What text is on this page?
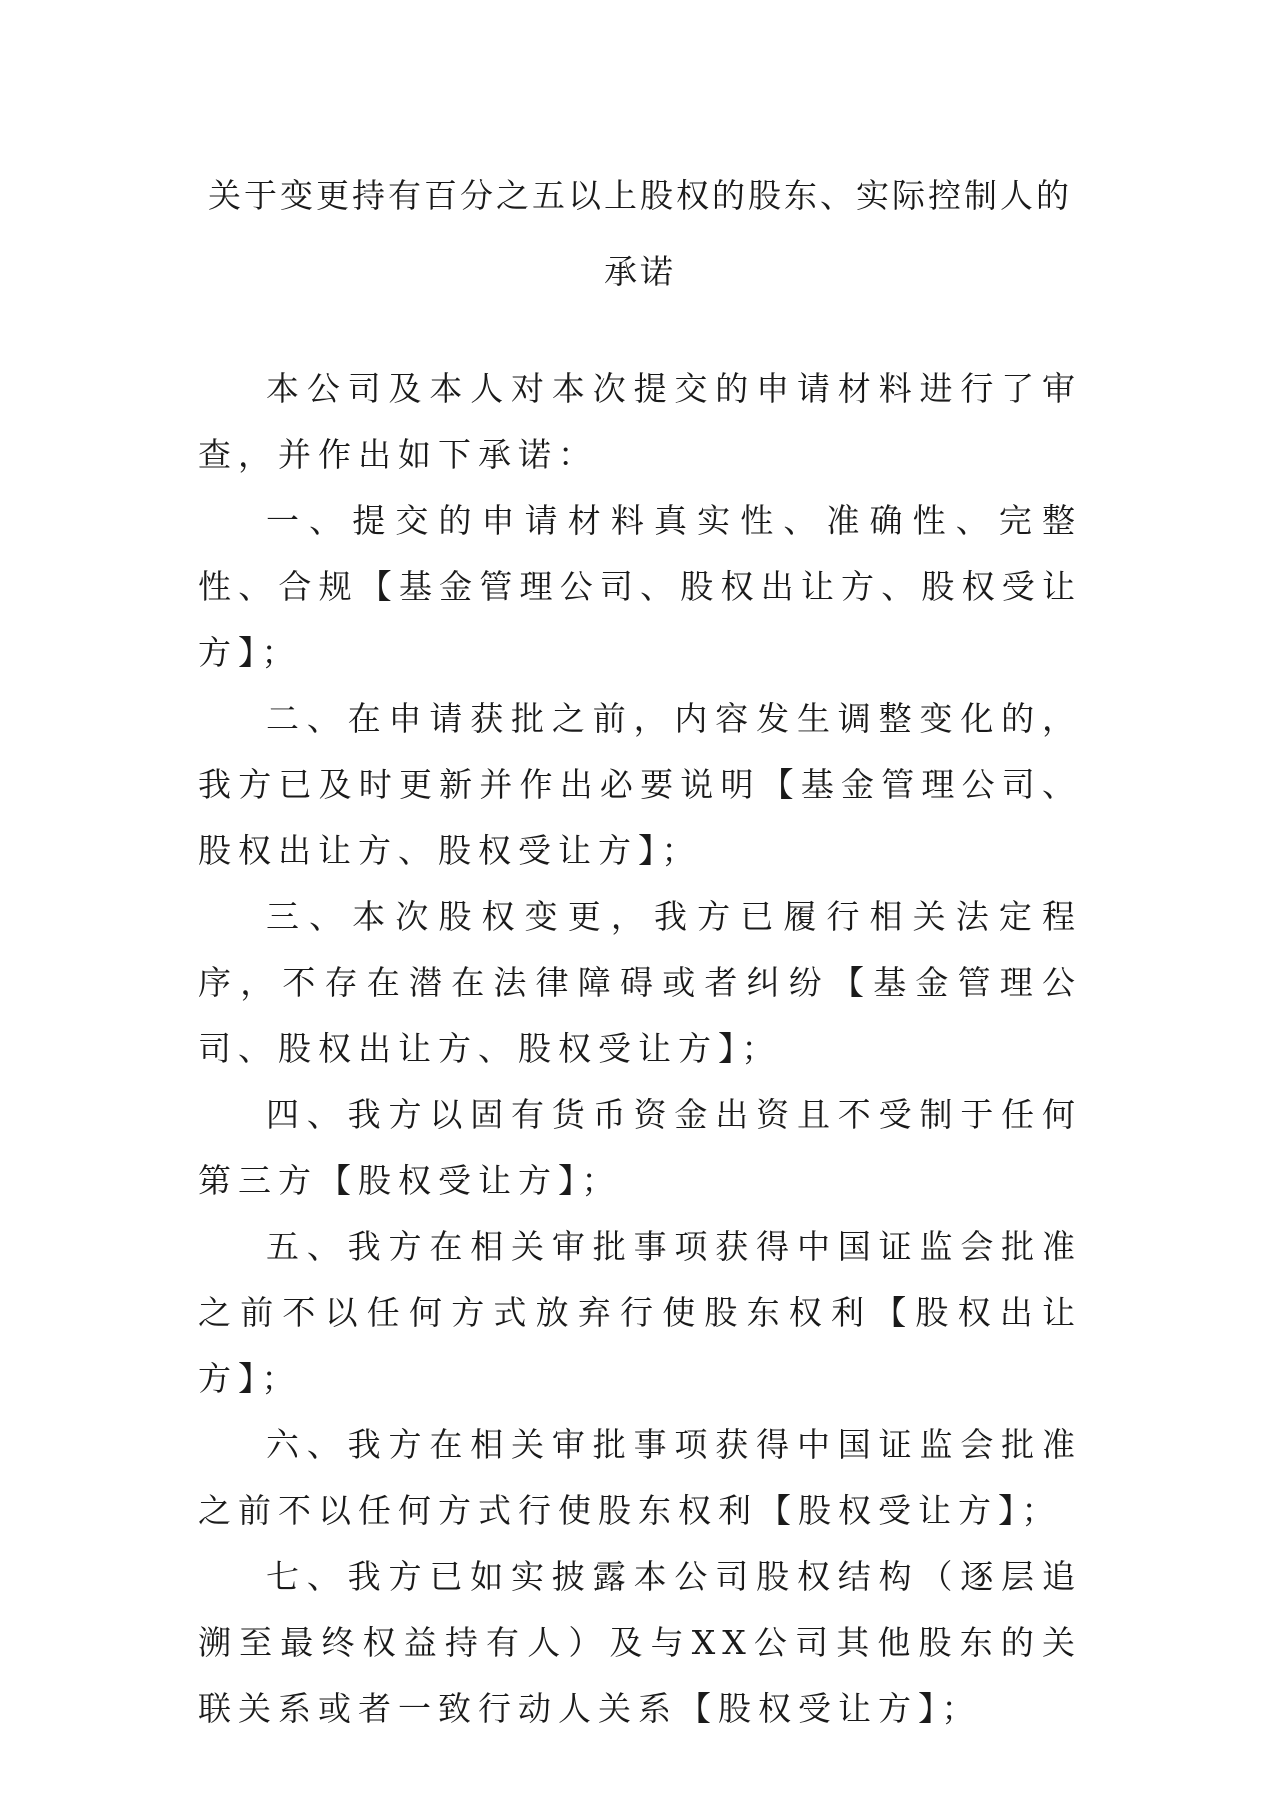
关于变更持有百分之五以上股权的股东、实际控制人的承诺

本公司及本人对本次提交的申请材料进行了审查，并作出如下承诺：

一、提交的申请材料真实性、准确性、完整性、合规【基金管理公司、股权出让方、股权受让方】；

二、在申请获批之前，内容发生调整变化的，我方已及时更新并作出必要说明【基金管理公司、股权出让方、股权受让方】；

三、本次股权变更，我方已履行相关法定程序，不存在潜在法律障碍或者纠纷【基金管理公司、股权出让方、股权受让方】；

四、我方以固有货币资金出资且不受制于任何第三方【股权受让方】；

五、我方在相关审批事项获得中国证监会批准之前不以任何方式放弃行使股东权利【股权出让方】；

六、我方在相关审批事项获得中国证监会批准之前不以任何方式行使股东权利【股权受让方】；

七、我方已如实披露本公司股权结构（逐层追溯至最终权益持有人）及与XX公司其他股东的关联关系或者一致行动人关系【股权受让方】；
